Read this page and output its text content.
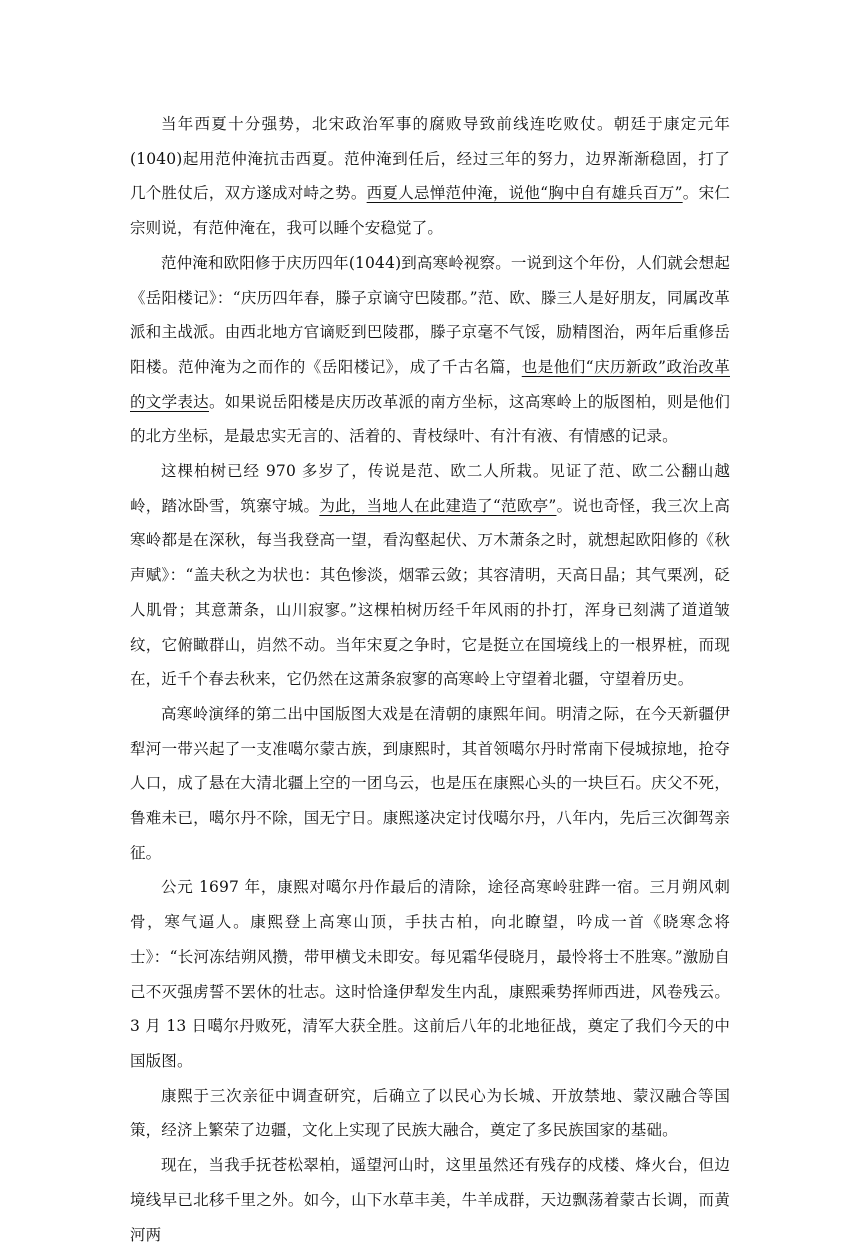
当年西夏十分强势，北宋政治军事的腐败导致前线连吃败仗。朝廷于康定元年(1040)起用范仲淹抗击西夏。范仲淹到任后，经过三年的努力，边界渐渐稳固，打了几个胜仗后，双方遂成对峙之势。西夏人忌惮范仲淹，说他“胸中自有雄兵百万”。宋仁宗则说，有范仲淹在，我可以睡个安稳觉了。

范仲淹和欧阳修于庆历四年(1044)到高寒岭视察。一说到这个年份，人们就会想起《岳阳楼记》：“庆历四年春，滕子京谪守巴陵郡。”范、欧、滕三人是好朋友，同属改革派和主战派。由西北地方官谪贬到巴陵郡，滕子京毫不气馁，励精图治，两年后重修岳阳楼。范仲淹为之而作的《岳阳楼记》，成了千古名篇，也是他们“庆历新政”政治改革的文学表达。如果说岳阳楼是庆历改革派的南方坐标，这高寒岭上的版图柏，则是他们的北方坐标，是最忠实无言的、活着的、青枝绿叶、有汁有液、有情感的记录。

这棵柏树已经 970 多岁了，传说是范、欧二人所栽。见证了范、欧二公翻山越岭，踏冰卧雪，筑寨守城。为此，当地人在此建造了“范欧亭”。说也奇怪，我三次上高寒岭都是在深秋，每当我登高一望，看沟壑起伏、万木萧条之时，就想起欧阳修的《秋声赋》：“盖夫秋之为状也：其色惨淡，烟霏云敛；其容清明，天高日晶；其气栗冽，砭人肌骨；其意萧条，山川寂寥。”这棵柏树历经千年风雨的扑打，浑身已刻满了道道皱纹，它俯瞰群山，岿然不动。当年宋夏之争时，它是挺立在国境线上的一根界桩，而现在，近千个春去秋来，它仍然在这萧条寂寥的高寒岭上守望着北疆，守望着历史。

高寒岭演绎的第二出中国版图大戏是在清朝的康熙年间。明清之际，在今天新疆伊犁河一带兴起了一支准噶尔蒙古族，到康熙时，其首领噶尔丹时常南下侵城掠地，抢夺人口，成了悬在大清北疆上空的一团乌云，也是压在康熙心头的一块巨石。庆父不死，鲁难未已，噶尔丹不除，国无宁日。康熙遂决定讨伐噶尔丹，八年内，先后三次御驾亲征。

公元 1697 年，康熙对噶尔丹作最后的清除，途径高寒岭驻跸一宿。三月朔风刺骨，寒气逼人。康熙登上高寒山顶，手扶古柏，向北瞭望，吟成一首《晓寒念将士》：“长河冻结朔风攒，带甲横戈未即安。每见霜华侵晓月，最怜将士不胜寒。”激励自己不灭强虏誓不罢休的壮志。这时恰逢伊犁发生内乱，康熙乘势挥师西进，风卷残云。3 月 13 日噶尔丹败死，清军大获全胜。这前后八年的北地征战，奠定了我们今天的中国版图。

康熙于三次亲征中调查研究，后确立了以民心为长城、开放禁地、蒙汉融合等国策，经济上繁荣了边疆，文化上实现了民族大融合，奠定了多民族国家的基础。

现在，当我手抚苍松翠柏，遥望河山时，这里虽然还有残存的戍楼、烽火台，但边境线早已北移千里之外。如今，山下水草丰美，牛羊成群，天边飘荡着蒙古长调，而黄河两
